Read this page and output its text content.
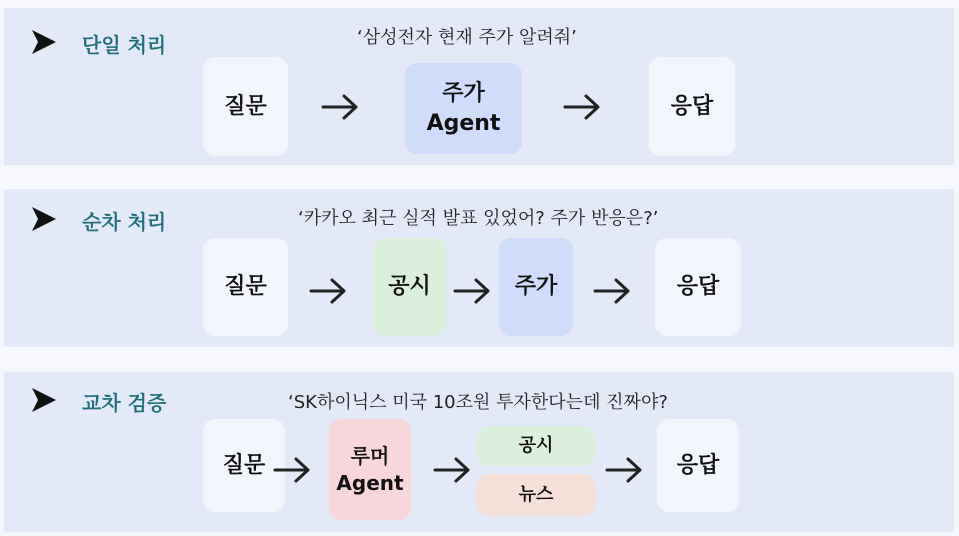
단일 처리	‘삼성전자 현재 주가 알려줘’
질문
주가
Agent
응답
순차 처리	‘카카오 최근 실적 발표 있었어? 주가 반응은?’
질문	공시	주가	응답
교차 검증	‘SK하이닉스 미국 10조원 투자한다는데 진짜야?
질문	루머
Agent
공시
뉴스
응답
